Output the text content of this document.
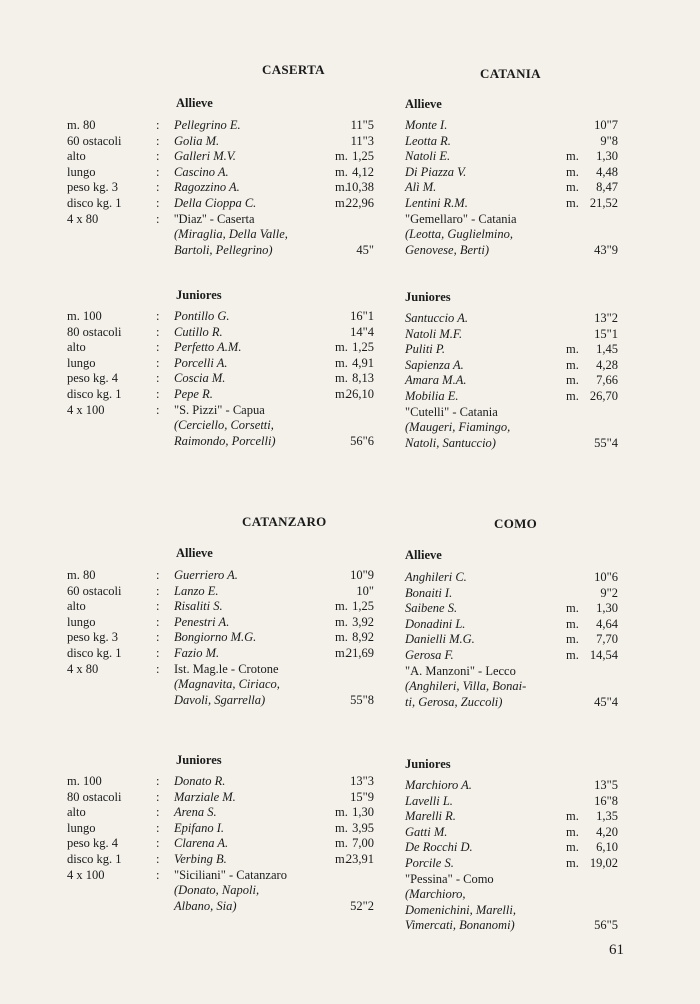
CASERTA
Allieve
m. 80
60 ostacoli
alto
lungo
peso kg. 3
disco kg. 1
4 x 80
:
:
:
:
:
:
:
Pellegrino E.
Golia M.
Galleri M.V.
Cascino A.
Ragozzino A.
Della Cioppa C.
''Diaz'' - Caserta
(Miraglia, Della Valle,
Bartoli, Pellegrino)
m.
m.
m.
m.
11"5
11"3
1,25
4,12
10,38
22,96
45"
Juniores
m. 100
80 ostacoli
alto
lungo
peso kg. 4
disco kg. 1
4 x 100
:
:
:
:
:
:
:
Pontillo G.
Cutillo R.
Perfetto A.M.
Porcelli A.
Coscia M.
Pepe R.
"S. Pizzi" - Capua
(Cerciello, Corsetti,
Raimondo, Porcelli)
m.
m.
m.
m.
16"1
14"4
1,25
4,91
8,13
26,10
56"6
CATANIA
Allieve
Monte I.
Leotta R.
Natoli E.
Di Piazza V.
Alì M.
Lentini R.M.
"Gemellaro" - Catania
(Leotta, Guglielmino,
Genovese, Berti)
m.
m.
m.
m.
10"7
9"8
1,30
4,48
8,47
21,52
43"9
Juniores
Santuccio A.
Natoli M.F.
Puliti P.
Sapienza A.
Amara M.A.
Mobilia E.
"Cutelli" - Catania
(Maugeri, Fiamingo,
Natoli, Santuccio)
m.
m.
m.
m.
13"2
15"1
1,45
4,28
7,66
26,70
55"4
CATANZARO
Allieve
m. 80
60 ostacoli
alto
lungo
peso kg. 3
disco kg. 1
4 x 80
:
:
:
:
:
:
:
Guerriero A.
Lanzo E.
Risaliti S.
Penestri A.
Bongiorno M.G.
Fazio M.
Ist. Mag.le - Crotone
(Magnavita, Ciriaco,
Davoli, Sgarrella)
m.
m.
m.
m.
10"9
10"
1,25
3,92
8,92
21,69
55"8
Juniores
m. 100
80 ostacoli
alto
lungo
peso kg. 4
disco kg. 1
4 x 100
:
:
:
:
:
:
:
Donato R.
Marziale M.
Arena S.
Epifano I.
Clarena A.
Verbing B.
"Siciliani" - Catanzaro
(Donato, Napoli,
Albano, Sia)
m.
m.
m.
m.
13"3
15"9
1,30
3,95
7,00
23,91
52"2
COMO
Allieve
Anghileri C.
Bonaiti I.
Saibene S.
Donadini L.
Danielli M.G.
Gerosa F.
"A. Manzoni" - Lecco
(Anghileri, Villa, Bonai-
ti, Gerosa, Zuccoli)
m.
m.
m.
m.
10"6
9"2
1,30
4,64
7,70
14,54
45"4
Juniores
Marchioro A.
Lavelli L.
Marelli R.
Gatti M.
De Rocchi D.
Porcile S.
"Pessina" - Como
(Marchioro,
Domenichini, Marelli,
Vimercati, Bonanomi)
m.
m.
m.
m.
13"5
16"8
1,35
4,20
6,10
19,02
56"5
61
